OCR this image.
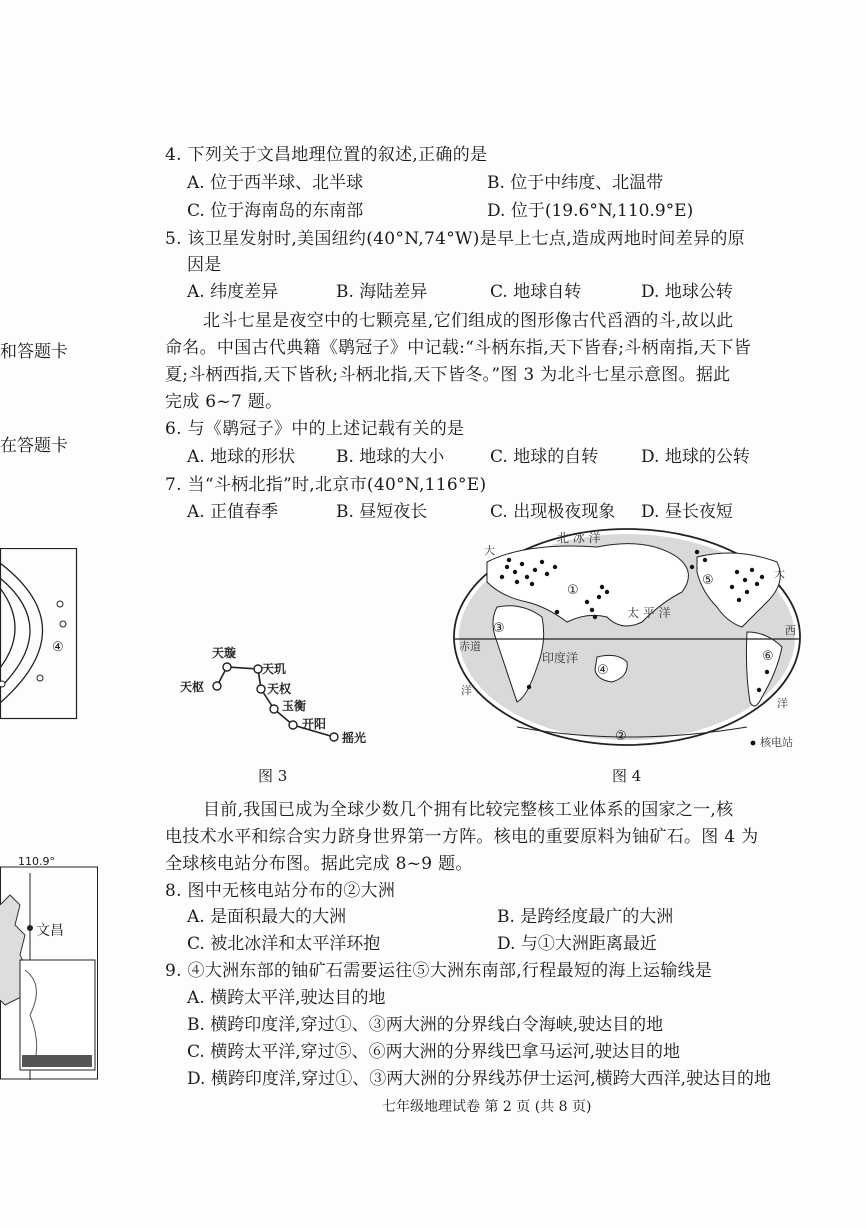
和答题卡
在答题卡
④
110.9°
文昌
4. 下列关于文昌地理位置的叙述,正确的是
A. 位于西半球、北半球	B. 位于中纬度、北温带
C. 位于海南岛的东南部	D. 位于(19.6°N,110.9°E)
5. 该卫星发射时,美国纽约(40°N,74°W)是早上七点,造成两地时间差异的原
因是
A. 纬度差异	B. 海陆差异	C. 地球自转	D. 地球公转
北斗七星是夜空中的七颗亮星,它们组成的图形像古代舀酒的斗,故以此
命名。中国古代典籍《鹖冠子》中记载:“斗柄东指,天下皆春;斗柄南指,天下皆
夏;斗柄西指,天下皆秋;斗柄北指,天下皆冬。”图 3 为北斗七星示意图。据此
完成 6~7 题。
6. 与《鹖冠子》中的上述记载有关的是
A. 地球的形状 B. 地球的大小	C. 地球的自转	D. 地球的公转
7. 当“斗柄北指”时,北京市(40°N,116°E)
A. 正值春季	B. 昼短夜长	C. 出现极夜现象 D. 昼长夜短
天枢
天璇
天玑
天权
玉衡
开阳
摇光
图 3
核电站
北 冰 洋
太 平 洋
印度洋
赤道
大
大
西
洋
洋
①
②
③
④
⑤
⑥
图 4
目前,我国已成为全球少数几个拥有比较完整核工业体系的国家之一,核
电技术水平和综合实力跻身世界第一方阵。核电的重要原料为铀矿石。图 4 为
全球核电站分布图。据此完成 8~9 题。
8. 图中无核电站分布的②大洲
A. 是面积最大的大洲	B. 是跨经度最广的大洲
C. 被北冰洋和太平洋环抱	D. 与①大洲距离最近
9. ④大洲东部的铀矿石需要运往⑤大洲东南部,行程最短的海上运输线是
A. 横跨太平洋,驶达目的地
B. 横跨印度洋,穿过①、③两大洲的分界线白令海峡,驶达目的地
C. 横跨太平洋,穿过⑤、⑥两大洲的分界线巴拿马运河,驶达目的地
D. 横跨印度洋,穿过①、③两大洲的分界线苏伊士运河,横跨大西洋,驶达目的地
七年级地理试卷 第 2 页 (共 8 页)
